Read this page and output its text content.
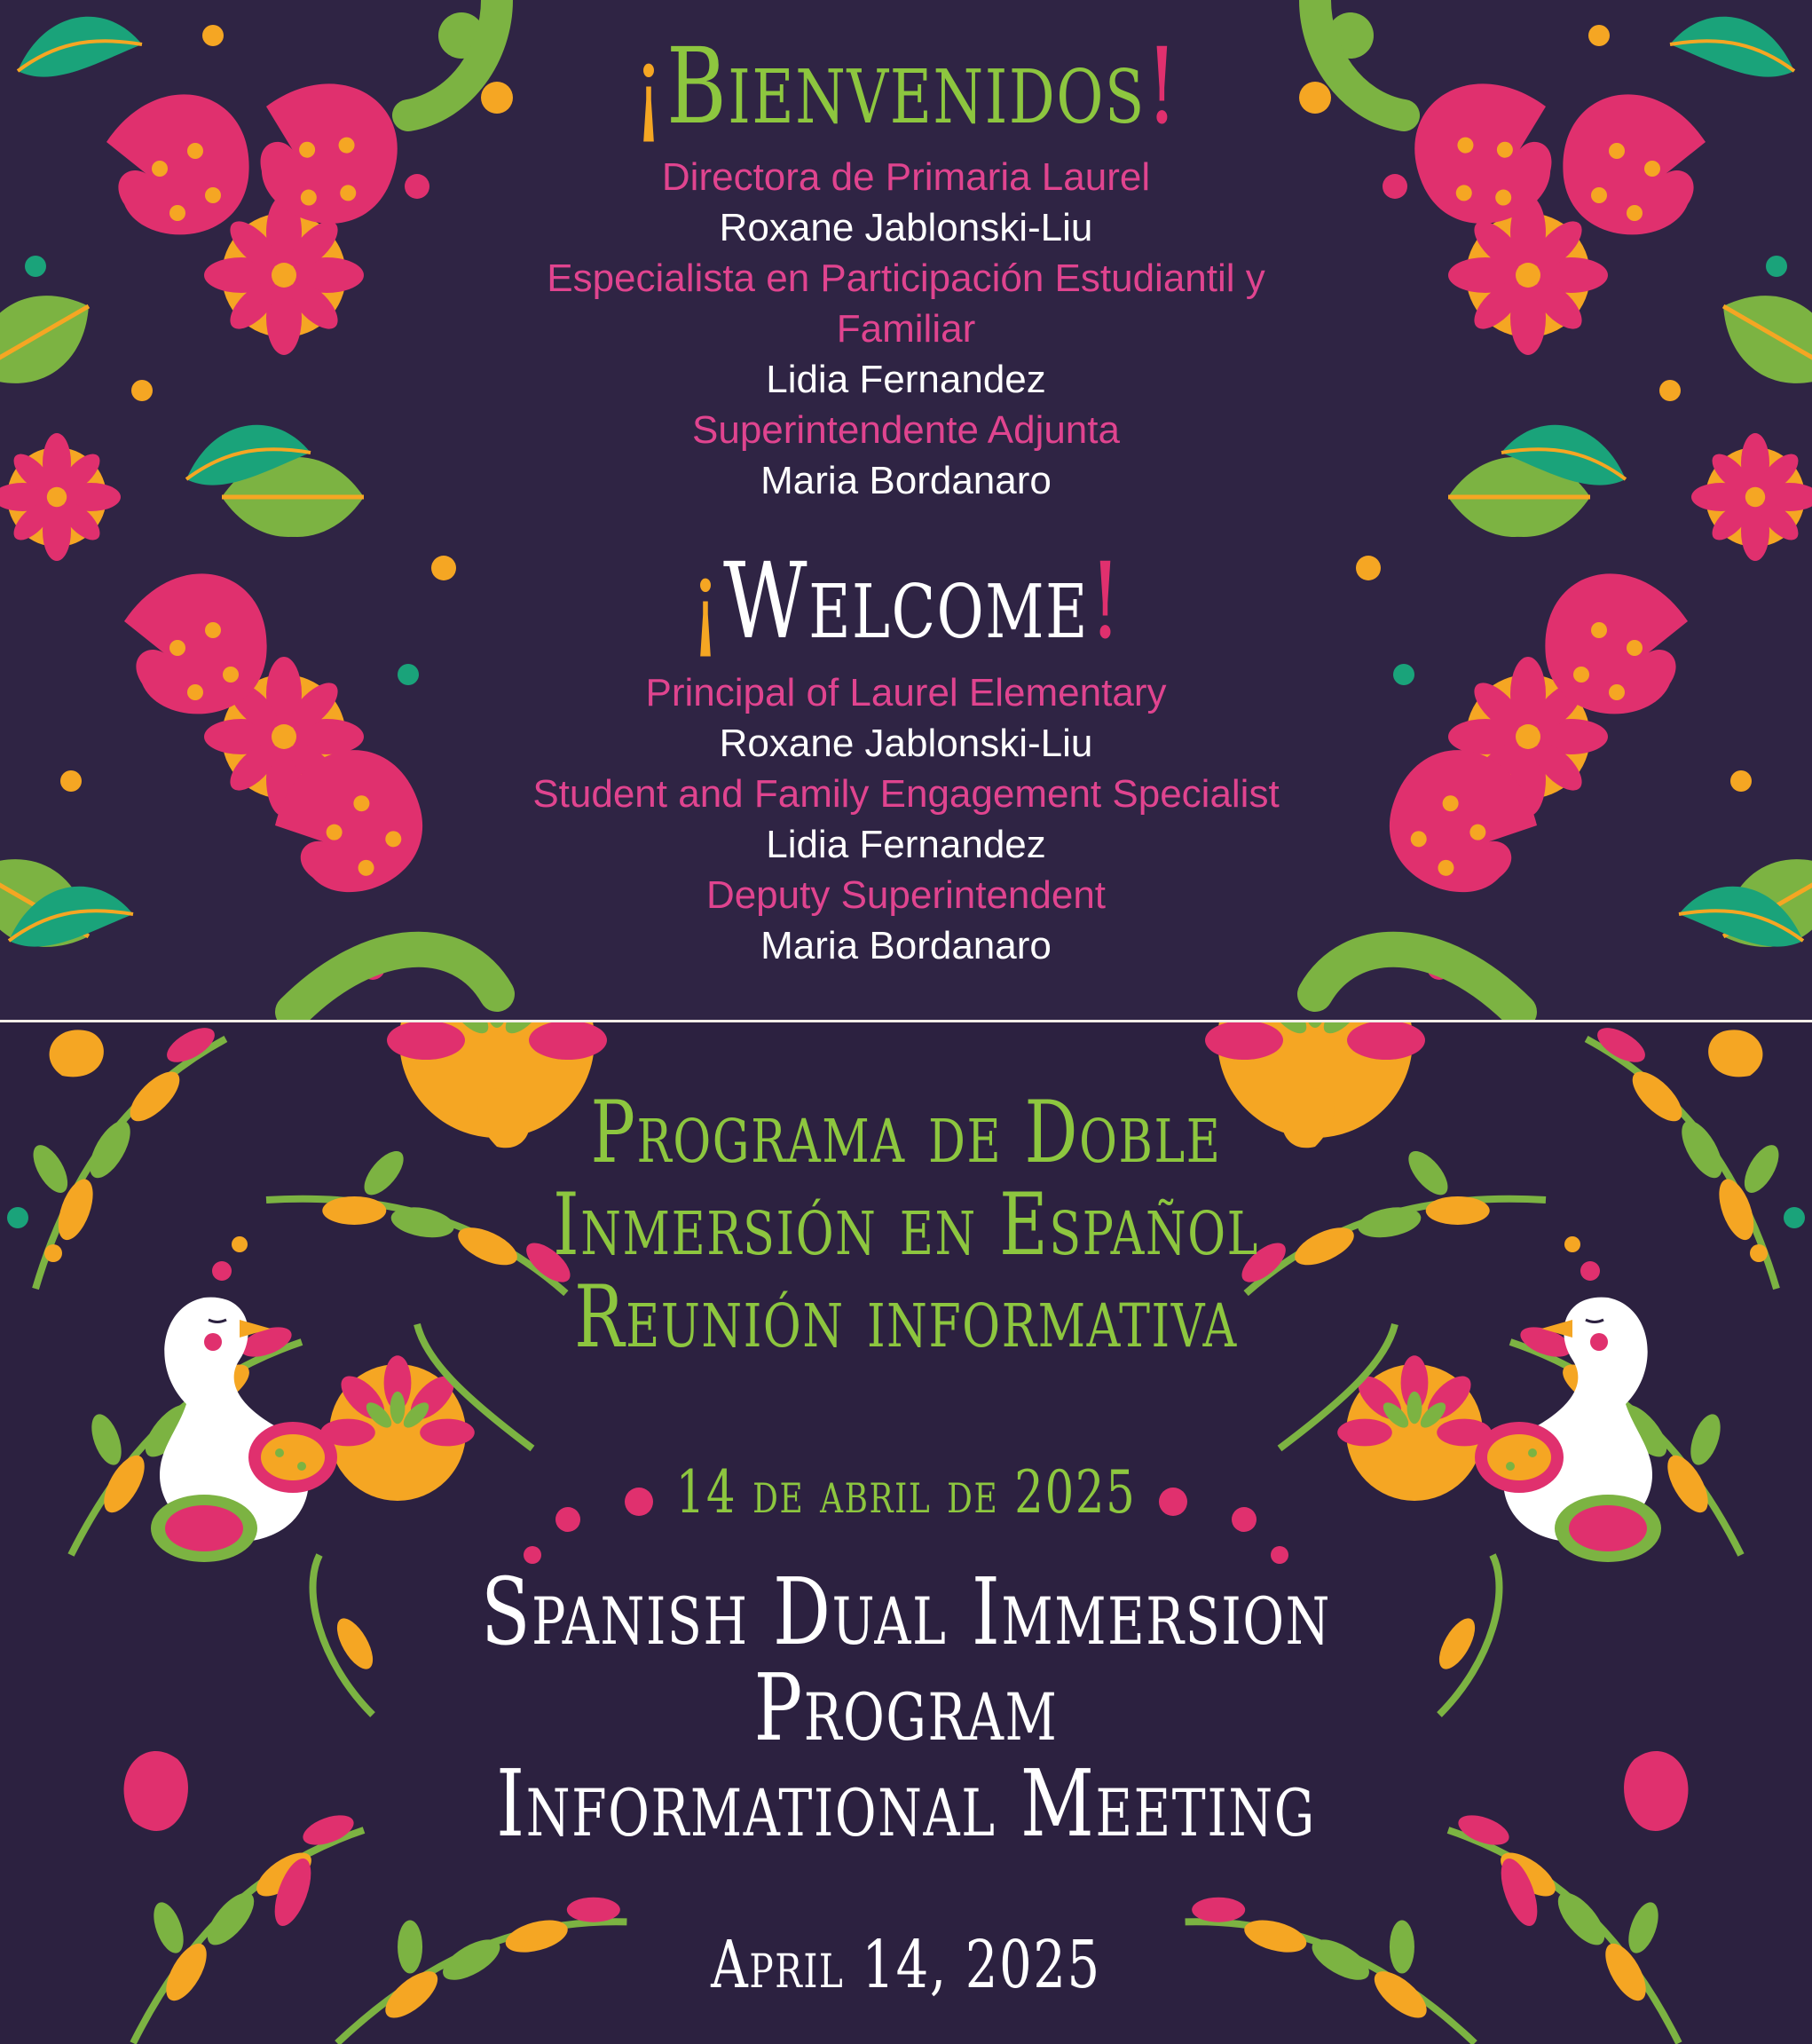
¡Bienvenidos!
Directora de Primaria Laurel
Roxane Jablonski-Liu
Especialista en Participación Estudiantil y
Familiar
Lidia Fernandez
Superintendente Adjunta
Maria Bordanaro
¡Welcome!
Principal of Laurel Elementary
Roxane Jablonski-Liu
Student and Family Engagement Specialist
Lidia Fernandez
Deputy Superintendent
Maria Bordanaro
Programa de Doble
Inmersión en Español
Reunión informativa
14 de abril de 2025
Spanish Dual Immersion
Program
Informational Meeting
April 14, 2025
